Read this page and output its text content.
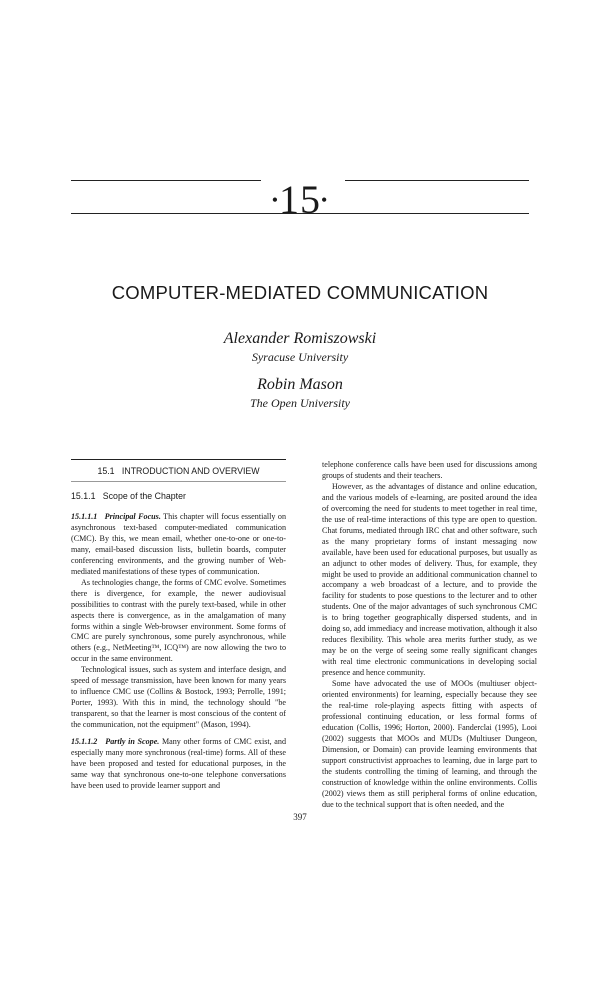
•15•
COMPUTER-MEDIATED COMMUNICATION
Alexander Romiszowski
Syracuse University
Robin Mason
The Open University
15.1   INTRODUCTION AND OVERVIEW
15.1.1   Scope of the Chapter

15.1.1.1   Principal Focus. This chapter will focus essentially on asynchronous text-based computer-mediated communication (CMC). By this, we mean email, whether one-to-one or one-to-many, email-based discussion lists, bulletin boards, computer conferencing environments, and the growing number of Web-mediated manifestations of these types of communication.

As technologies change, the forms of CMC evolve. Sometimes there is divergence, for example, the newer audiovisual possibilities to contrast with the purely text-based, while in other aspects there is convergence, as in the amalgamation of many forms within a single Web-browser environment. Some forms of CMC are purely synchronous, some purely asynchronous, while others (e.g., NetMeeting™, ICQ™) are now allowing the two to occur in the same environment.

Technological issues, such as system and interface design, and speed of message transmission, have been known for many years to influence CMC use (Collins & Bostock, 1993; Perrolle, 1991; Porter, 1993). With this in mind, the technology should "be transparent, so that the learner is most conscious of the content of the communication, not the equipment" (Mason, 1994).

15.1.1.2   Partly in Scope. Many other forms of CMC exist, and especially many more synchronous (real-time) forms. All of these have been proposed and tested for educational purposes, in the same way that synchronous one-to-one telephone conversations have been used to provide learner support and

telephone conference calls have been used for discussions among groups of students and their teachers.

However, as the advantages of distance and online education, and the various models of e-learning, are posited around the idea of overcoming the need for students to meet together in real time, the use of real-time interactions of this type are open to question. Chat forums, mediated through IRC chat and other software, such as the many proprietary forms of instant messaging now available, have been used for educational purposes, but usually as an adjunct to other modes of delivery. Thus, for example, they might be used to provide an additional communication channel to accompany a web broadcast of a lecture, and to provide the facility for students to pose questions to the lecturer and to other students. One of the major advantages of such synchronous CMC is to bring together geographically dispersed students, and in doing so, add immediacy and increase motivation, although it also reduces flexibility. This whole area merits further study, as we may be on the verge of seeing some really significant changes with real time electronic communications in developing social presence and hence community.

Some have advocated the use of MOOs (multiuser object-oriented environments) for learning, especially because they see the real-time role-playing aspects fitting with aspects of professional continuing education, or less formal forms of education (Collis, 1996; Horton, 2000). Fanderclai (1995), Looi (2002) suggests that MOOs and MUDs (Multiuser Dungeon, Dimension, or Domain) can provide learning environments that support constructivist approaches to learning, due in large part to the students controlling the timing of learning, and through the construction of knowledge within the online environments. Collis (2002) views them as still peripheral forms of online education, due to the technical support that is often needed, and the

397
